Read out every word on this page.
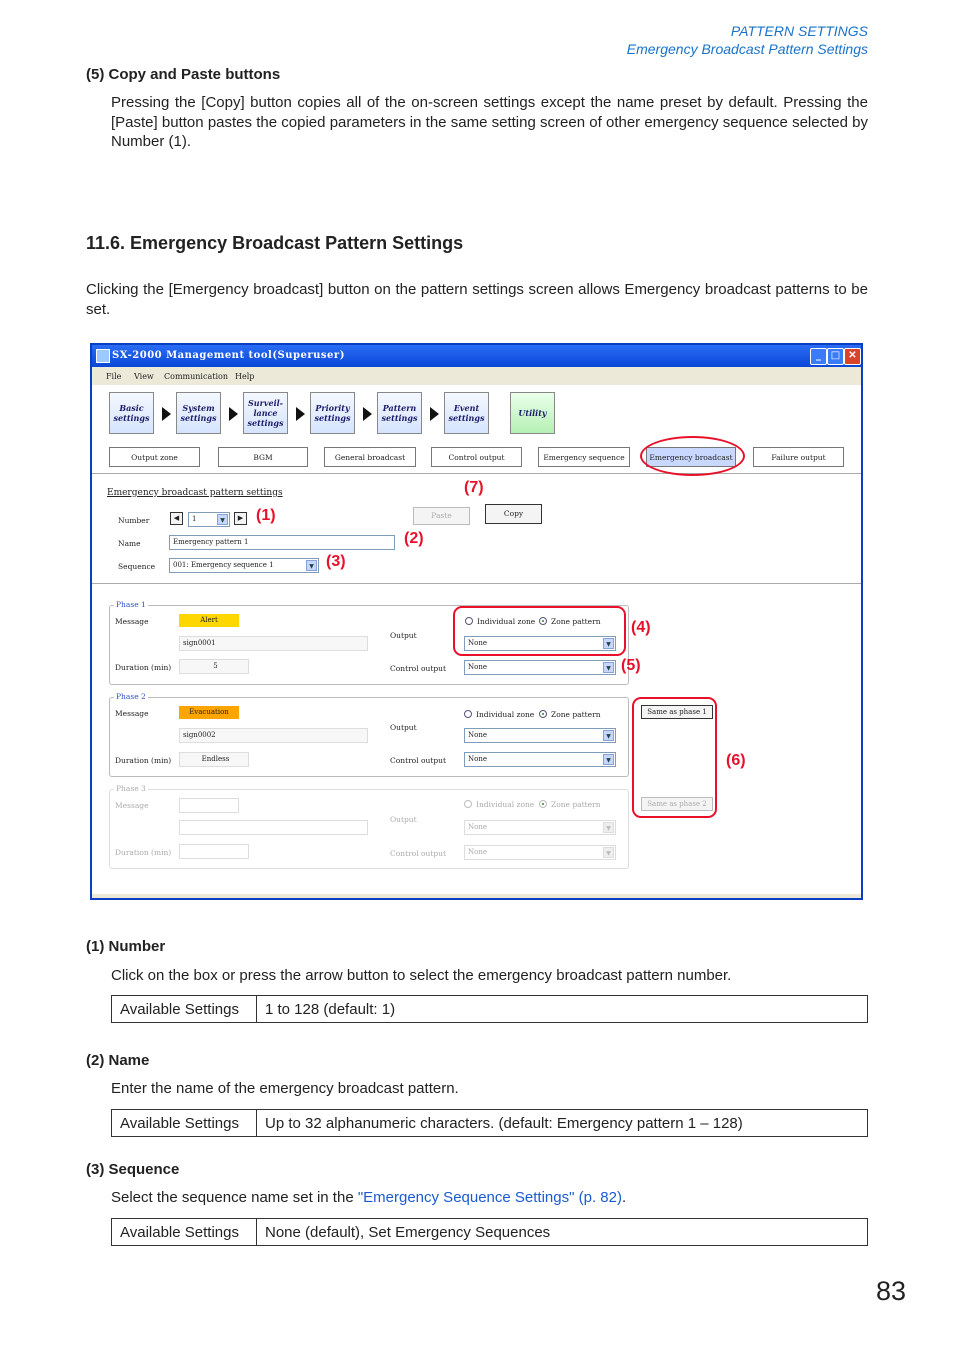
PATTERN SETTINGS
Emergency Broadcast Pattern Settings
(5) Copy and Paste buttons
Pressing the [Copy] button copies all of the on-screen settings except the name preset by default. Pressing the [Paste] button pastes the copied parameters in the same setting screen of other emergency sequence selected by Number (1).
11.6. Emergency Broadcast Pattern Settings
Clicking the [Emergency broadcast] button on the pattern settings screen allows Emergency broadcast patterns to be set.
SX-2000 Management tool(Superuser)	_ □ ✕
File View Communication Help
Basic settings
System settings
Surveil-lance settings
Priority settings
Pattern settings
Event settings	Utility
Output zone	BGM	General broadcast	Control output	Emergency sequence	Emergency broadcast	Failure output
Emergency broadcast pattern settings
Number	◀	1	▼	▶
Name	Emergency pattern 1
Sequence	001: Emergency sequence 1	▼
Paste	Copy
Phase 1
Message	Alert
sign0001
Duration (min)	5
Output
Individual zone Zone pattern
None	▼
Control output	None	▼
Phase 2
Message	Evacuation
sign0002
Duration (min)	Endless
Output
Individual zone Zone pattern
None	▼
Control output	None	▼
Same as phase 1
Phase 3
Message
Duration (min)
Output
Individual zone Zone pattern
None	▼
Control output	None	▼
Same as phase 2
(7)
(1)
(2)
(3)
(4)
(5)
(6)
(1) Number
Click on the box or press the arrow button to select the emergency broadcast pattern number.
Available Settings	1 to 128 (default: 1)
(2) Name
Enter the name of the emergency broadcast pattern.
Available Settings	Up to 32 alphanumeric characters. (default: Emergency pattern 1 – 128)
(3) Sequence
Select the sequence name set in the "Emergency Sequence Settings" (p. 82).
Available Settings	None (default), Set Emergency Sequences
83
